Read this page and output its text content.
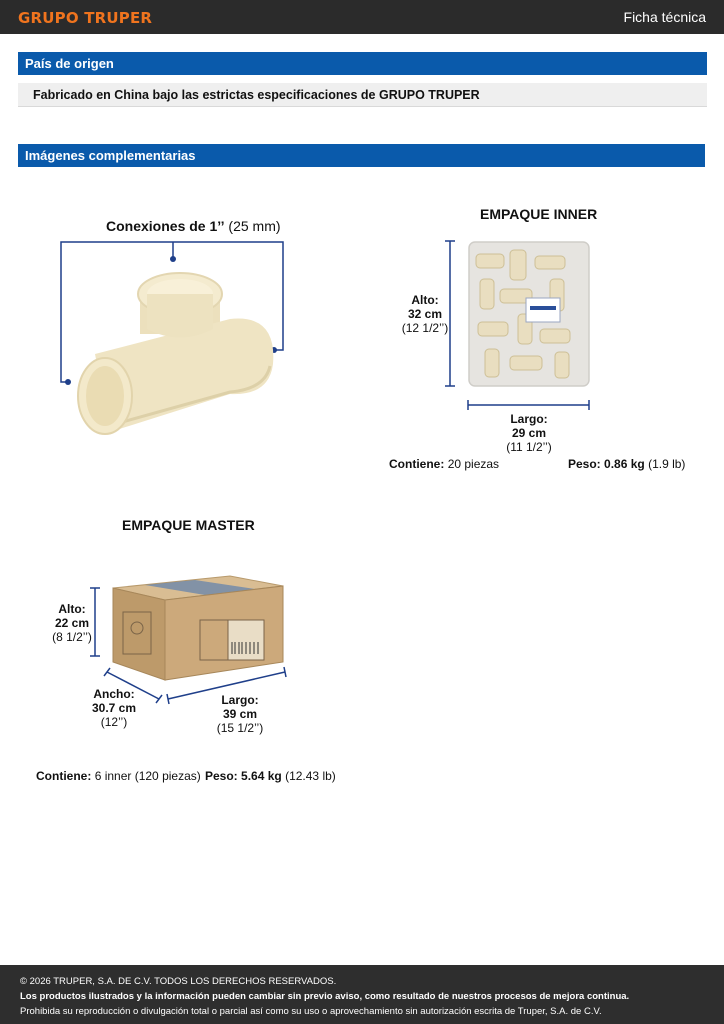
GRUPO TRUPER	Ficha técnica
País de origen
Fabricado en China bajo las estrictas especificaciones de GRUPO TRUPER
Imágenes complementarias
Conexiones de 1’’ (25 mm)
EMPAQUE INNER
Alto:
32 cm
(12 1/2’’)
Largo:
29 cm
(11 1/2’’)
Contiene: 20 piezas	Peso: 0.86 kg (1.9 lb)
EMPAQUE MASTER
Alto:
22 cm
(8 1/2’’)
Ancho:
30.7 cm
(12’’)
Largo:
39 cm
(15 1/2’’)
Contiene: 6 inner (120 piezas) Peso: 5.64 kg (12.43 lb)
© 2026 TRUPER, S.A. DE C.V. TODOS LOS DERECHOS RESERVADOS.
Los productos ilustrados y la información pueden cambiar sin previo aviso, como resultado de nuestros procesos de mejora continua.
Prohibida su reproducción o divulgación total o parcial así como su uso o aprovechamiento sin autorización escrita de Truper, S.A. de C.V.
